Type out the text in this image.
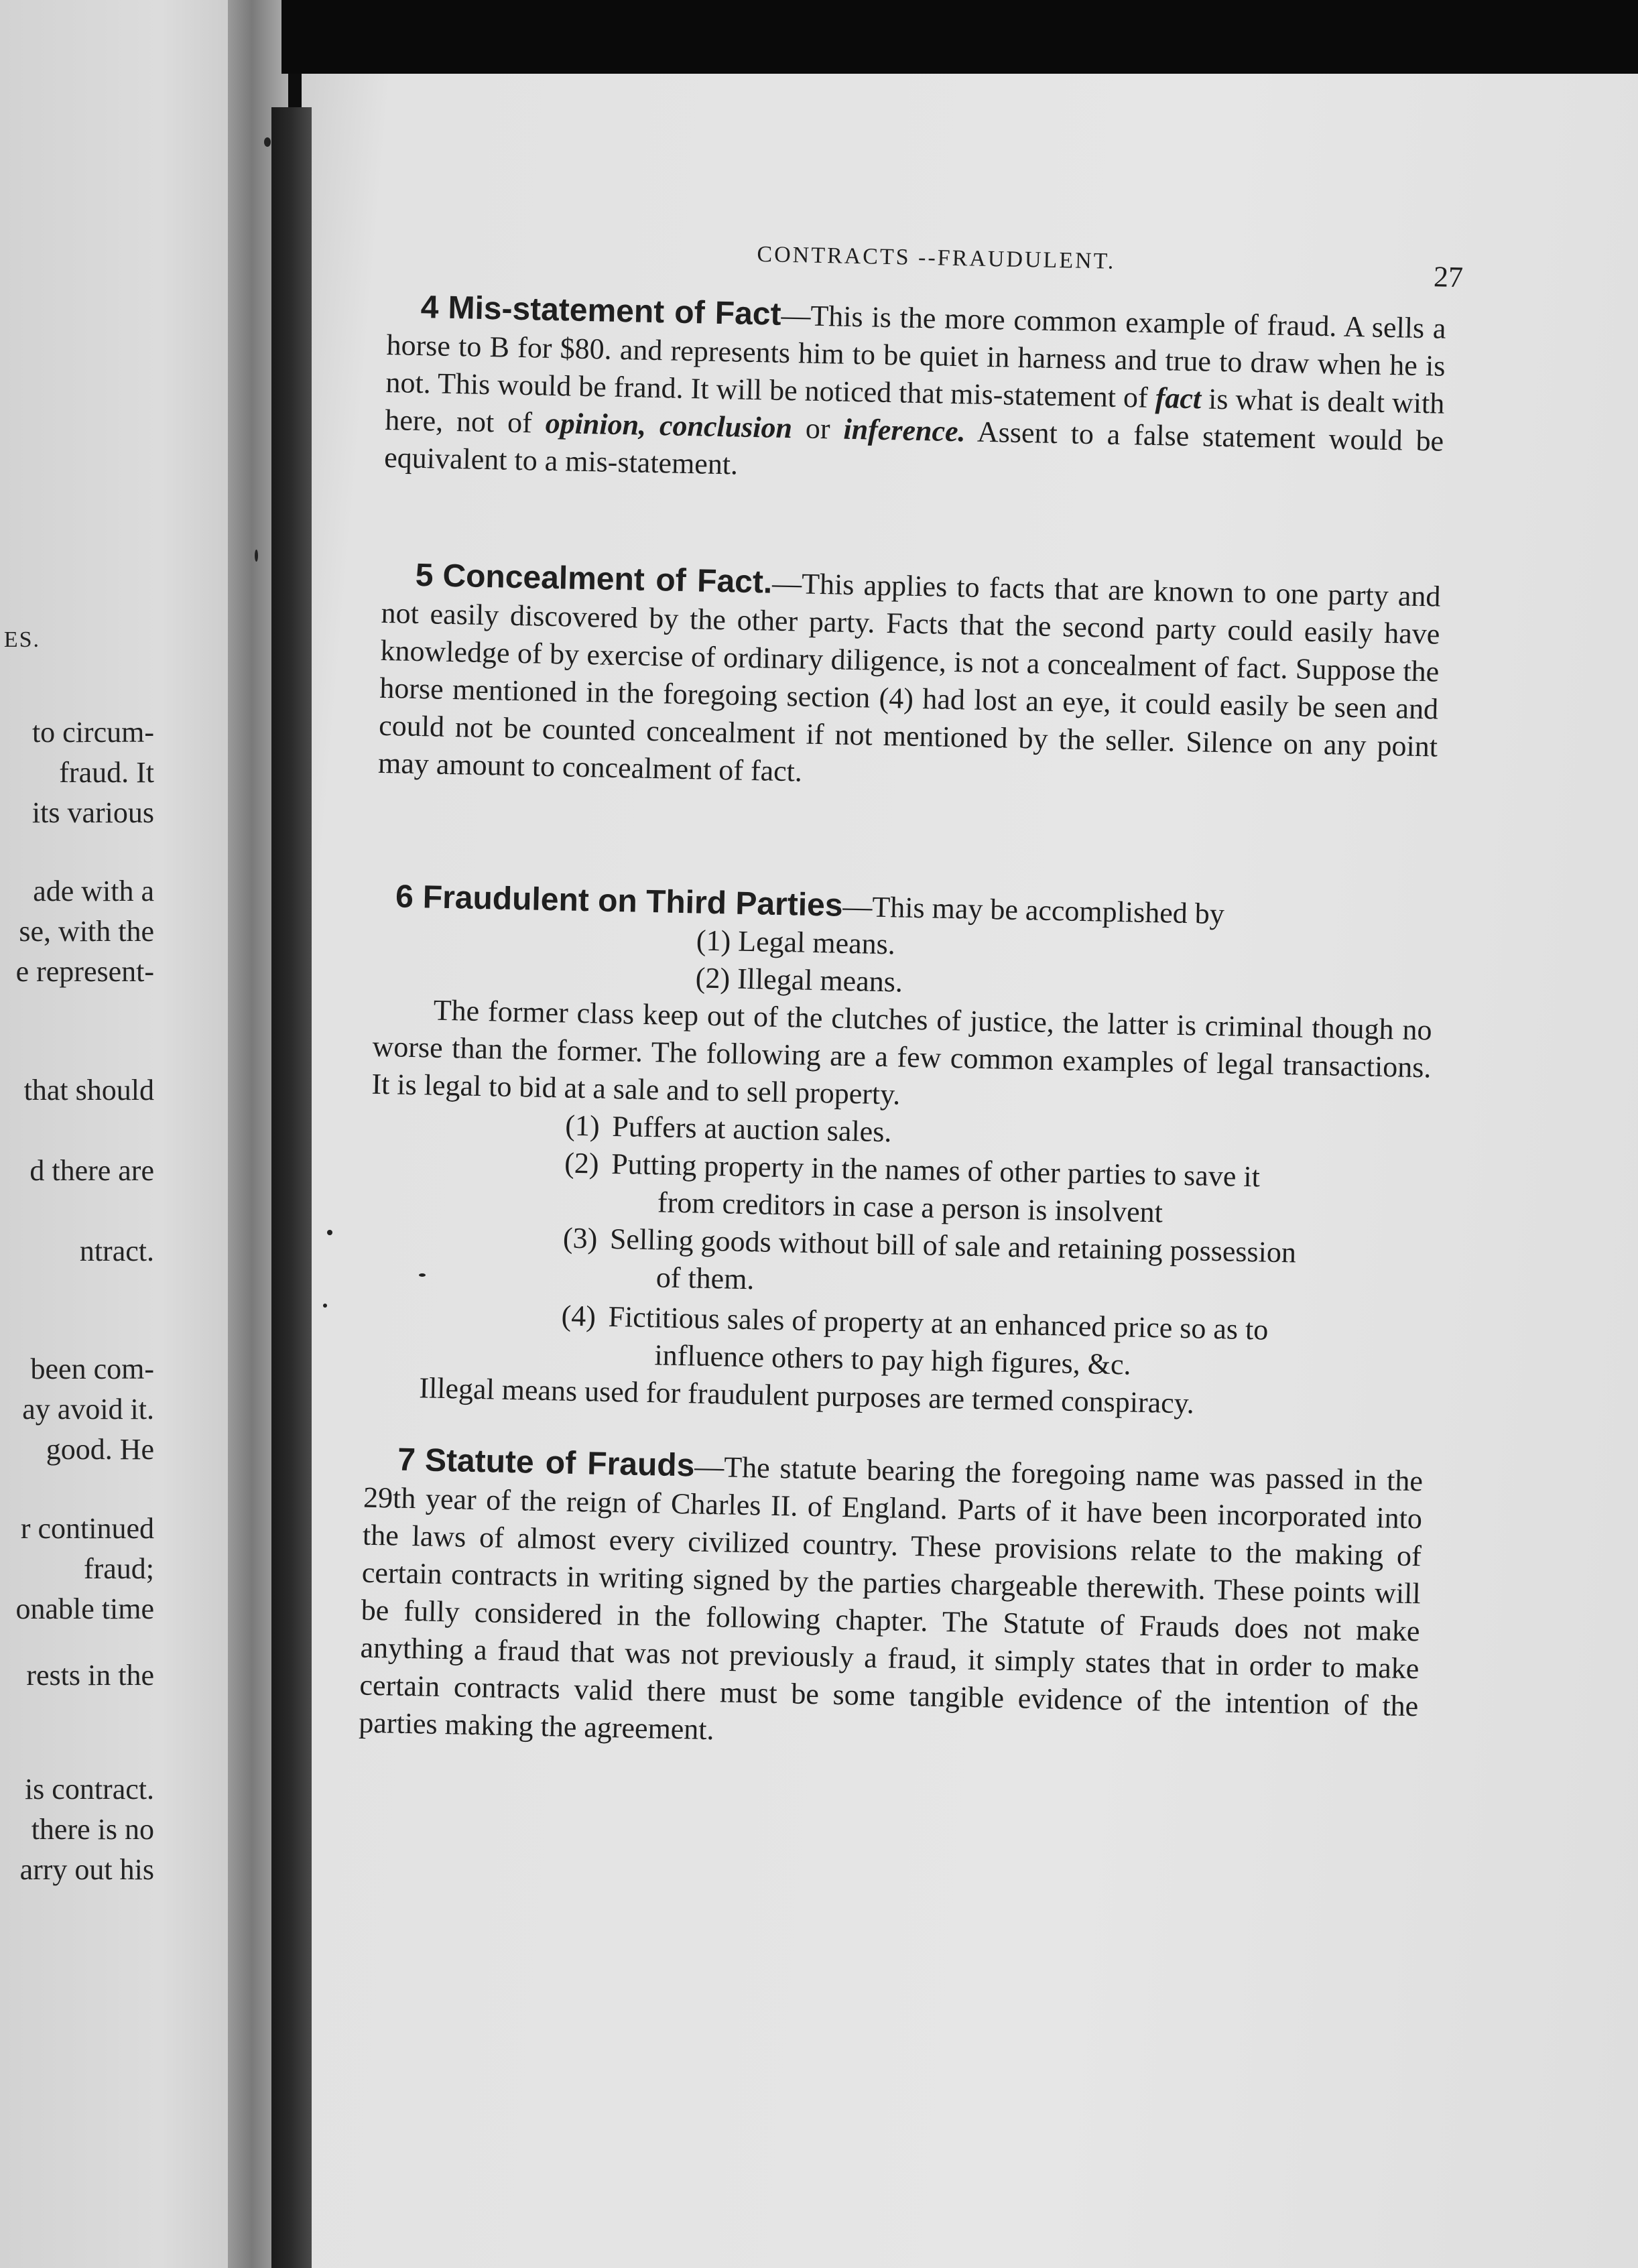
ES.
to circum-
fraud. It
its various
ade with a
se, with the
e represent-
that should
d there are
ntract.
been com-
ay avoid it.
good. He
r continued
fraud;
onable time
rests in the
is contract.
there is no
arry out his
CONTRACTS --FRAUDULENT.
27
4 Mis-statement of Fact—This is the more common example of fraud. A sells a horse to B for $80. and represents him to be quiet in harness and true to draw when he is not. This would be frand. It will be noticed that mis-statement of fact is what is dealt with here, not of opinion, conclusion or inference. Assent to a false statement would be equivalent to a mis-statement.
5 Concealment of Fact.—This applies to facts that are known to one party and not easily discovered by the other party. Facts that the second party could easily have knowledge of by exercise of ordinary diligence, is not a concealment of fact. Suppose the horse mentioned in the foregoing section (4) had lost an eye, it could easily be seen and could not be counted concealment if not mentioned by the seller. Silence on any point may amount to concealment of fact.
6 Fraudulent on Third Parties—This may be accomplished by
(1) Legal means.
(2) Illegal means.
The former class keep out of the clutches of justice, the latter is criminal though no worse than the former. The following are a few common examples of legal transactions. It is legal to bid at a sale and to sell property.
(1) Puffers at auction sales.
(2) Putting property in the names of other parties to save it
from creditors in case a person is insolvent
(3) Selling goods without bill of sale and retaining possession
of them.
(4) Fictitious sales of property at an enhanced price so as to
influence others to pay high figures, &c.
Illegal means used for fraudulent purposes are termed conspiracy.
7 Statute of Frauds—The statute bearing the foregoing name was passed in the 29th year of the reign of Charles II. of England. Parts of it have been incorporated into the laws of almost every civilized country. These provisions relate to the making of certain contracts in writing signed by the parties chargeable therewith. These points will be fully considered in the following chapter. The Statute of Frauds does not make anything a fraud that was not previously a fraud, it simply states that in order to make certain contracts valid there must be some tangible evidence of the intention of the parties making the agreement.
